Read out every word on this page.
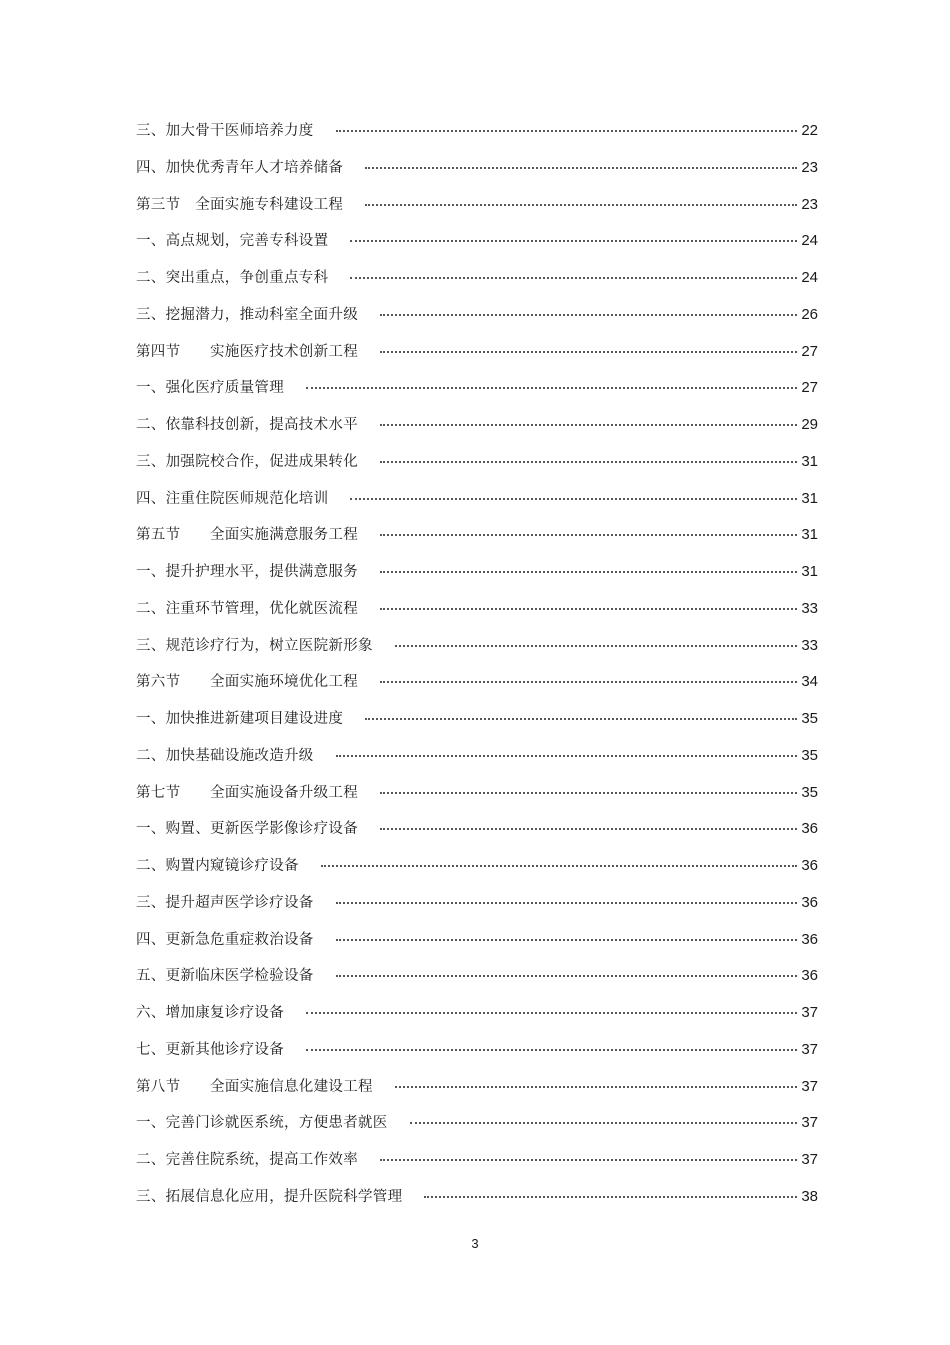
三、加大骨干医师培养力度	22
四、加快优秀青年人才培养储备	23
第三节　全面实施专科建设工程	23
一、高点规划，完善专科设置	24
二、突出重点，争创重点专科	24
三、挖掘潜力，推动科室全面升级	26
第四节　　实施医疗技术创新工程	27
一、强化医疗质量管理	27
二、依靠科技创新，提高技术水平	29
三、加强院校合作，促进成果转化	31
四、注重住院医师规范化培训	31
第五节　　全面实施满意服务工程	31
一、提升护理水平，提供满意服务	31
二、注重环节管理，优化就医流程	33
三、规范诊疗行为，树立医院新形象	33
第六节　　全面实施环境优化工程	34
一、加快推进新建项目建设进度	35
二、加快基础设施改造升级	35
第七节　　全面实施设备升级工程	35
一、购置、更新医学影像诊疗设备	36
二、购置内窥镜诊疗设备	36
三、提升超声医学诊疗设备	36
四、更新急危重症救治设备	36
五、更新临床医学检验设备	36
六、增加康复诊疗设备	37
七、更新其他诊疗设备	37
第八节　　全面实施信息化建设工程	37
一、完善门诊就医系统，方便患者就医	37
二、完善住院系统，提高工作效率	37
三、拓展信息化应用，提升医院科学管理	38
3
